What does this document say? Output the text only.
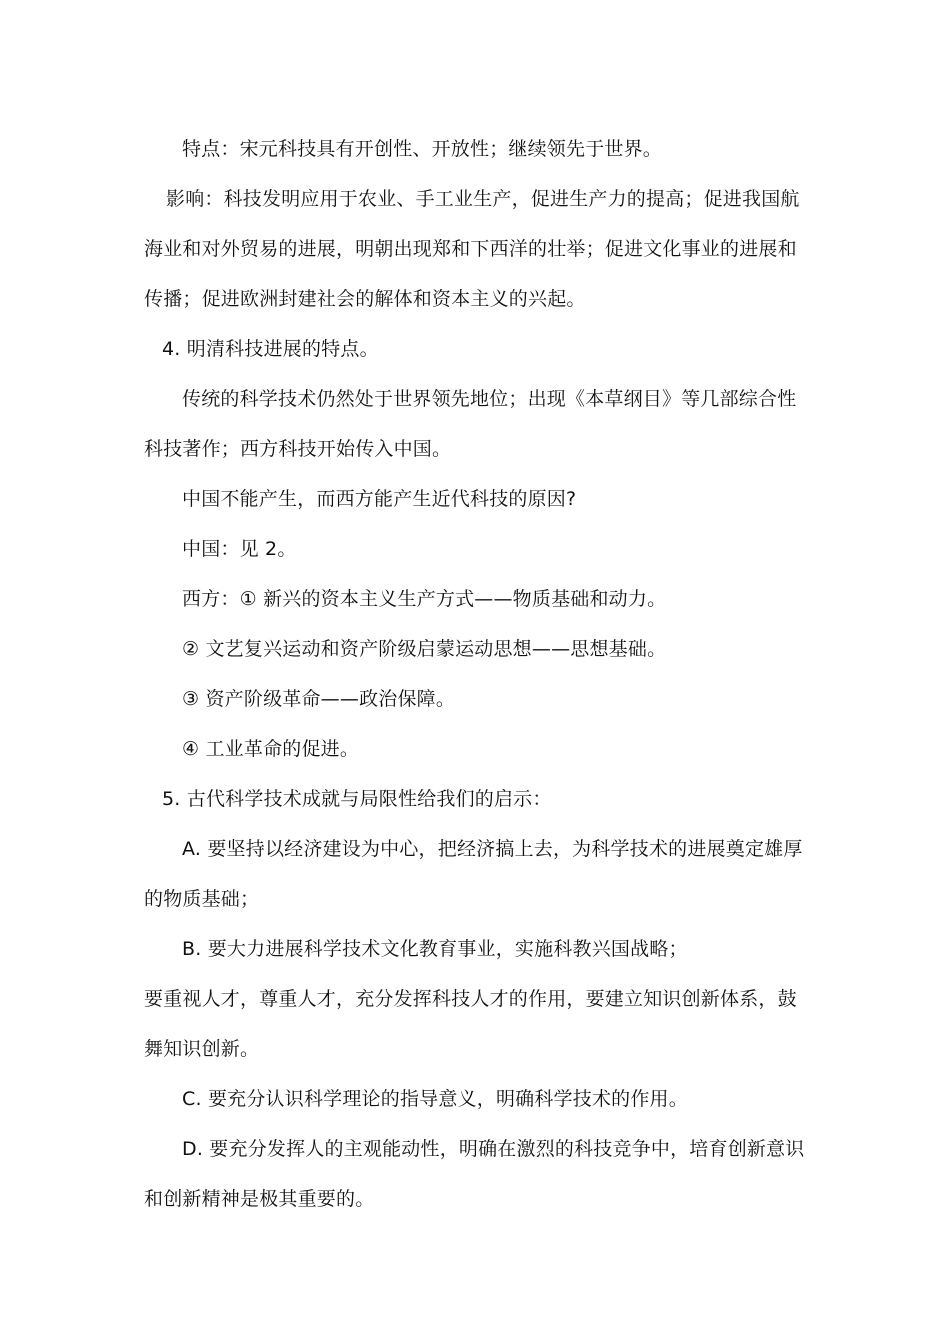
特点：宋元科技具有开创性、开放性；继续领先于世界。
影响：科技发明应用于农业、手工业生产，促进生产力的提高；促进我国航
海业和对外贸易的进展，明朝出现郑和下西洋的壮举；促进文化事业的进展和
传播；促进欧洲封建社会的解体和资本主义的兴起。
4. 明清科技进展的特点。
传统的科学技术仍然处于世界领先地位；出现《本草纲目》等几部综合性
科技著作；西方科技开始传入中国。
中国不能产生，而西方能产生近代科技的原因?
中国：见 2。
西方：① 新兴的资本主义生产方式——物质基础和动力。
② 文艺复兴运动和资产阶级启蒙运动思想——思想基础。
③ 资产阶级革命——政治保障。
④ 工业革命的促进。
5. 古代科学技术成就与局限性给我们的启示：
A. 要坚持以经济建设为中心，把经济搞上去，为科学技术的进展奠定雄厚
的物质基础；
B. 要大力进展科学技术文化教育事业，实施科教兴国战略；
要重视人才，尊重人才，充分发挥科技人才的作用，要建立知识创新体系，鼓
舞知识创新。
C. 要充分认识科学理论的指导意义，明确科学技术的作用。
D. 要充分发挥人的主观能动性，明确在激烈的科技竞争中，培育创新意识
和创新精神是极其重要的。
